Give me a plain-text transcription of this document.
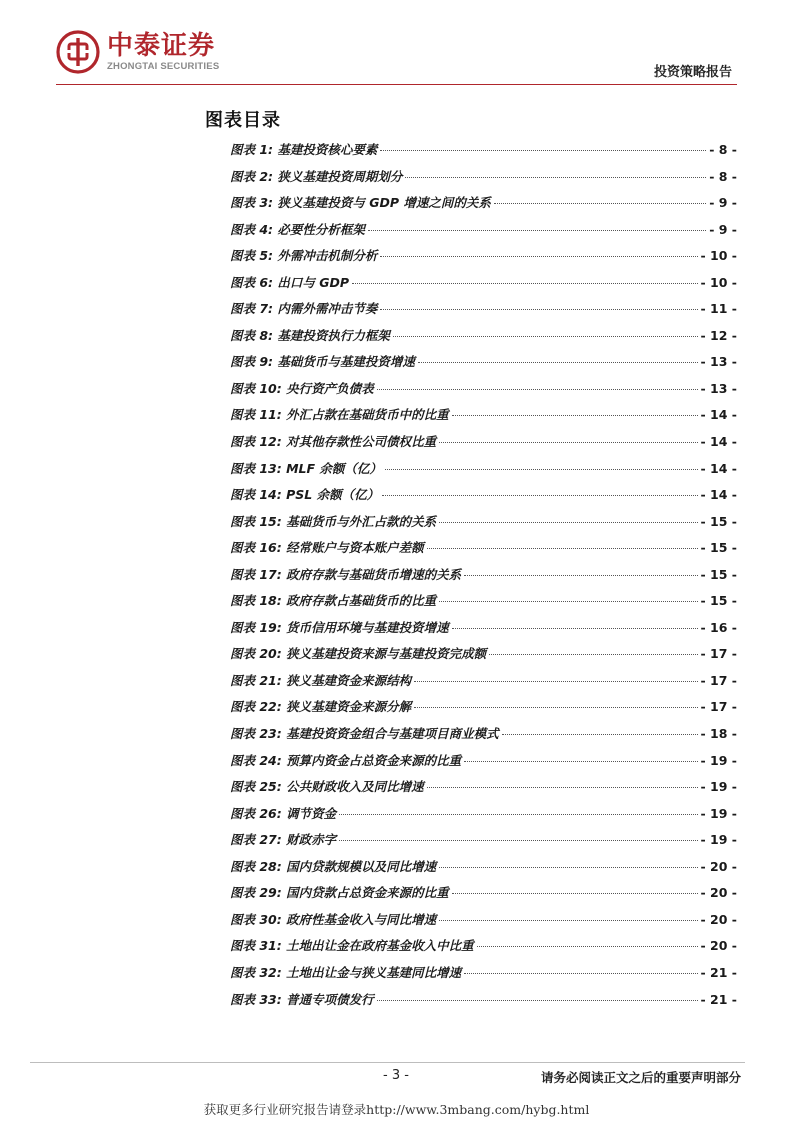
中泰证券
ZHONGTAI SECURITIES	投资策略报告
图表目录
图表 1:
基建投资核心要素	- 8 -
图表 2:
狭义基建投资周期划分	- 8 -
图表 3:
狭义基建投资与 GDP 增速之间的关系	- 9 -
图表 4:
必要性分析框架	- 9 -
图表 5:
外需冲击机制分析	- 10 -
图表 6:
出口与 GDP	- 10 -
图表 7:
内需外需冲击节奏	- 11 -
图表 8:
基建投资执行力框架	- 12 -
图表 9:
基础货币与基建投资增速	- 13 -
图表 10:
央行资产负债表	- 13 -
图表 11:
外汇占款在基础货币中的比重	- 14 -
图表 12:
对其他存款性公司债权比重	- 14 -
图表 13:
MLF 余额（亿）	- 14 -
图表 14:
PSL 余额（亿）	- 14 -
图表 15:
基础货币与外汇占款的关系	- 15 -
图表 16:
经常账户与资本账户差额	- 15 -
图表 17:
政府存款与基础货币增速的关系	- 15 -
图表 18:
政府存款占基础货币的比重	- 15 -
图表 19:
货币信用环境与基建投资增速	- 16 -
图表 20:
狭义基建投资来源与基建投资完成额	- 17 -
图表 21:
狭义基建资金来源结构	- 17 -
图表 22:
狭义基建资金来源分解	- 17 -
图表 23:
基建投资资金组合与基建项目商业模式	- 18 -
图表 24:
预算内资金占总资金来源的比重	- 19 -
图表 25:
公共财政收入及同比增速	- 19 -
图表 26:
调节资金	- 19 -
图表 27:
财政赤字	- 19 -
图表 28:
国内贷款规模以及同比增速	- 20 -
图表 29:
国内贷款占总资金来源的比重	- 20 -
图表 30:
政府性基金收入与同比增速	- 20 -
图表 31:
土地出让金在政府基金收入中比重	- 20 -
图表 32:
土地出让金与狭义基建同比增速	- 21 -
图表 33:
普通专项债发行	- 21 -
- 3 -	请务必阅读正文之后的重要声明部分
获取更多行业研究报告请登录http://www.3mbang.com/hybg.html
